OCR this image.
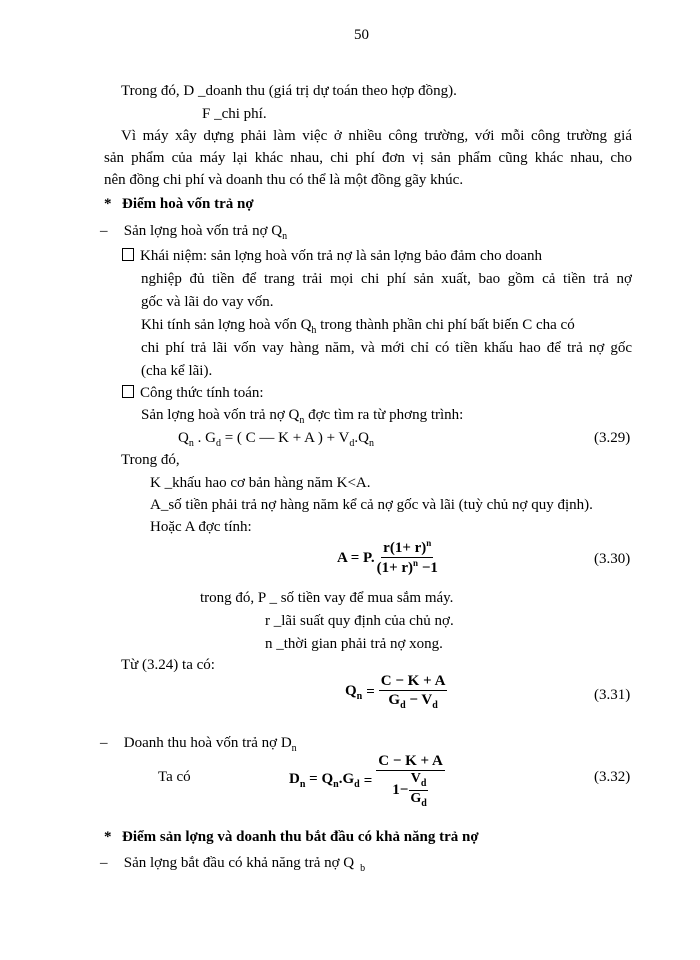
50
Trong đó, D _doanh thu (giá trị dự toán theo hợp đồng).
F _chi phí.
Vì máy xây dựng phải làm việc ở nhiều công trường, với mỗi công trường giá
sản phẩm của máy lại khác nhau, chi phí đơn vị sản phẩm cũng khác nhau, cho
nên đồng chi phí và doanh thu có thể là một đồng gãy khúc.
* Điểm hoà vốn trả nợ
– Sản lợng hoà vốn trả nợ $Q_n$
Khái niệm: sản lợng hoà vốn trả nợ là sản lợng bảo đảm cho doanh
nghiệp đủ tiền để trang trải mọi chi phí sản xuất, bao gồm cả tiền trả nợ
gốc và lãi do vay vốn.
Khi tính sản lợng hoà vốn $Q_h$ trong thành phần chi phí bất biến C cha có
chi phí trả lãi vốn vay hàng năm, và mới chỉ có tiền khấu hao để trả nợ gốc
(cha kể lãi).
Công thức tính toán:
Sản lợng hoà vốn trả nợ $Q_n$ đợc tìm ra từ phơng trình:
$Q_n$ . $G_d$ = ( C — K + A ) + $V_d.Q_n$	(3.29)
Trong đó,
K _khấu hao cơ bản hàng năm K<A.
A_số tiền phải trả nợ hàng năm kể cả nợ gốc và lãi (tuỳ chủ nợ quy định).
Hoặc A đợc tính:
A = P. $\frac{r(1+ r)^n}{(1+ r)^n -1}$	(3.30)
trong đó, P _ số tiền vay để mua sắm máy.
r _lãi suất quy định của chủ nợ.
n _thời gian phải trả nợ xong.
Từ (3.24) ta có:
$Q_n = \frac{C - K + A}{G_d - V_d}$	(3.31)
– Doanh thu hoà vốn trả nợ $D_n$
Ta có	$D_n = Q_n.G_d = \frac{C - K + A}{1- \frac{V_d}{G_d}}$	(3.32)
* Điểm sản lợng và doanh thu bắt đầu có khả năng trả nợ
– Sản lợng bắt đầu có khả năng trả nợ Q $_b$
